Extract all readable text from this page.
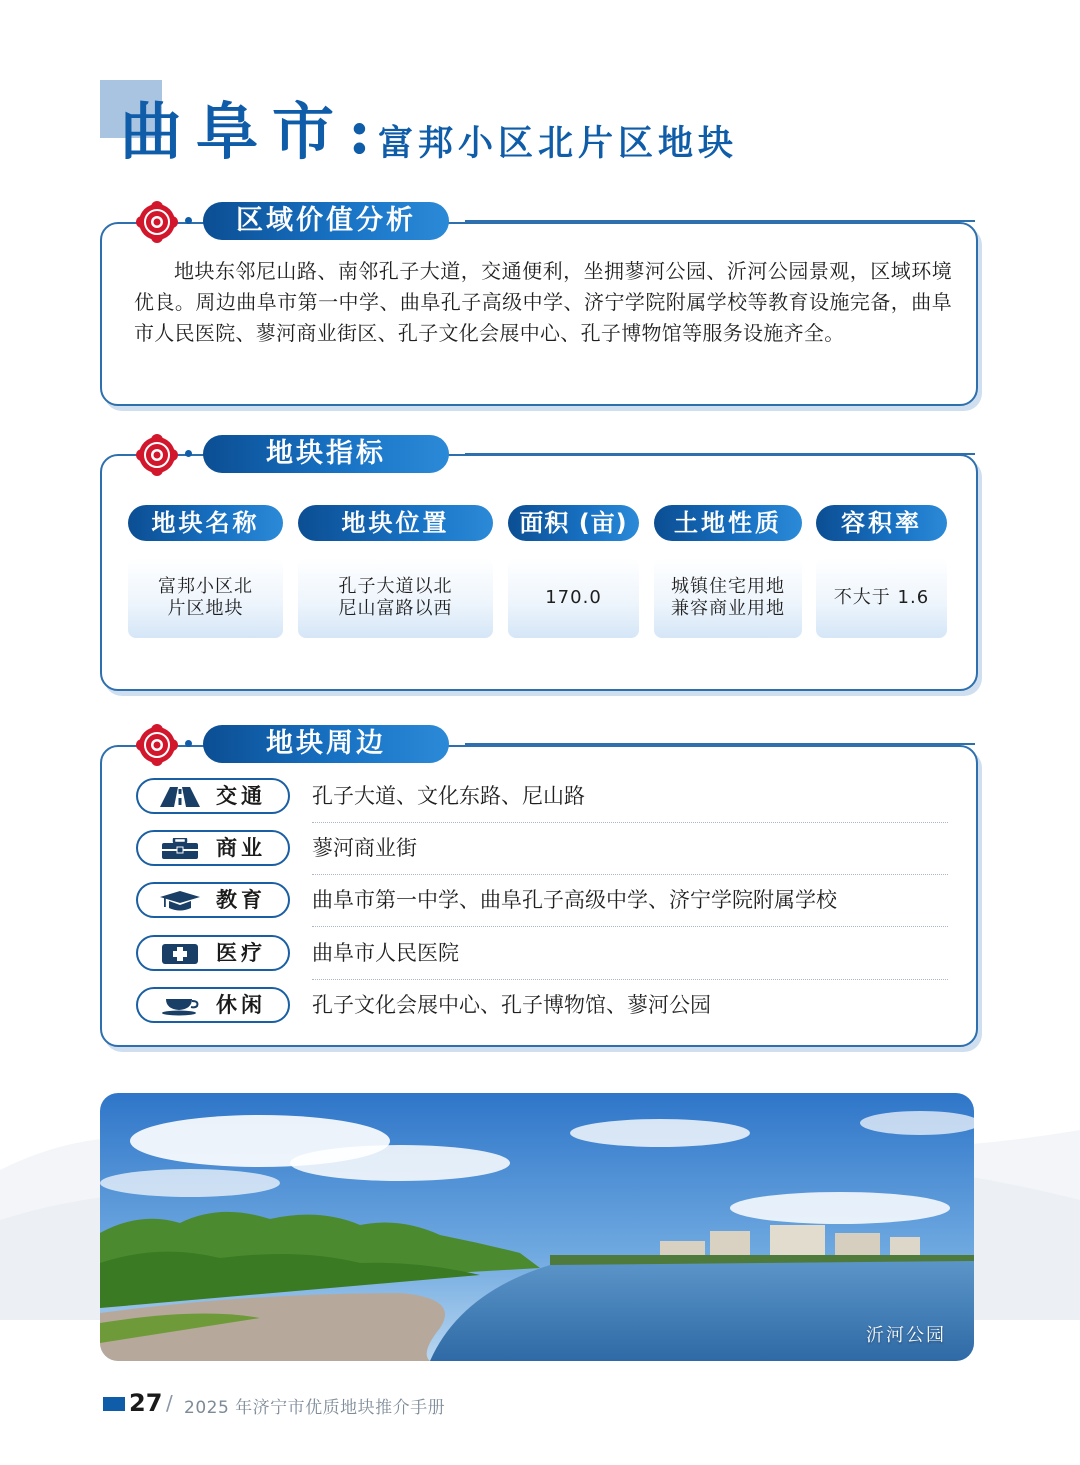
曲阜市:
富邦小区北片区地块
区域价值分析
地块东邻尼山路、南邻孔子大道，交通便利，坐拥蓼河公园、沂河公园景观，区域环境优良。周边曲阜市第一中学、曲阜孔子高级中学、济宁学院附属学校等教育设施完备，曲阜市人民医院、蓼河商业街区、孔子文化会展中心、孔子博物馆等服务设施齐全。
地块指标
地块名称
富邦小区北
片区地块
地块位置
孔子大道以北
尼山富路以西
面积 (亩)
170.0
土地性质
城镇住宅用地
兼容商业用地
容积率
不大于 1.6
地块周边
交通 孔子大道、文化东路、尼山路
商业 蓼河商业街
教育 曲阜市第一中学、曲阜孔子高级中学、济宁学院附属学校
医疗 曲阜市人民医院
休闲 孔子文化会展中心、孔子博物馆、蓼河公园
沂河公园
27 / 2025 年济宁市优质地块推介手册
